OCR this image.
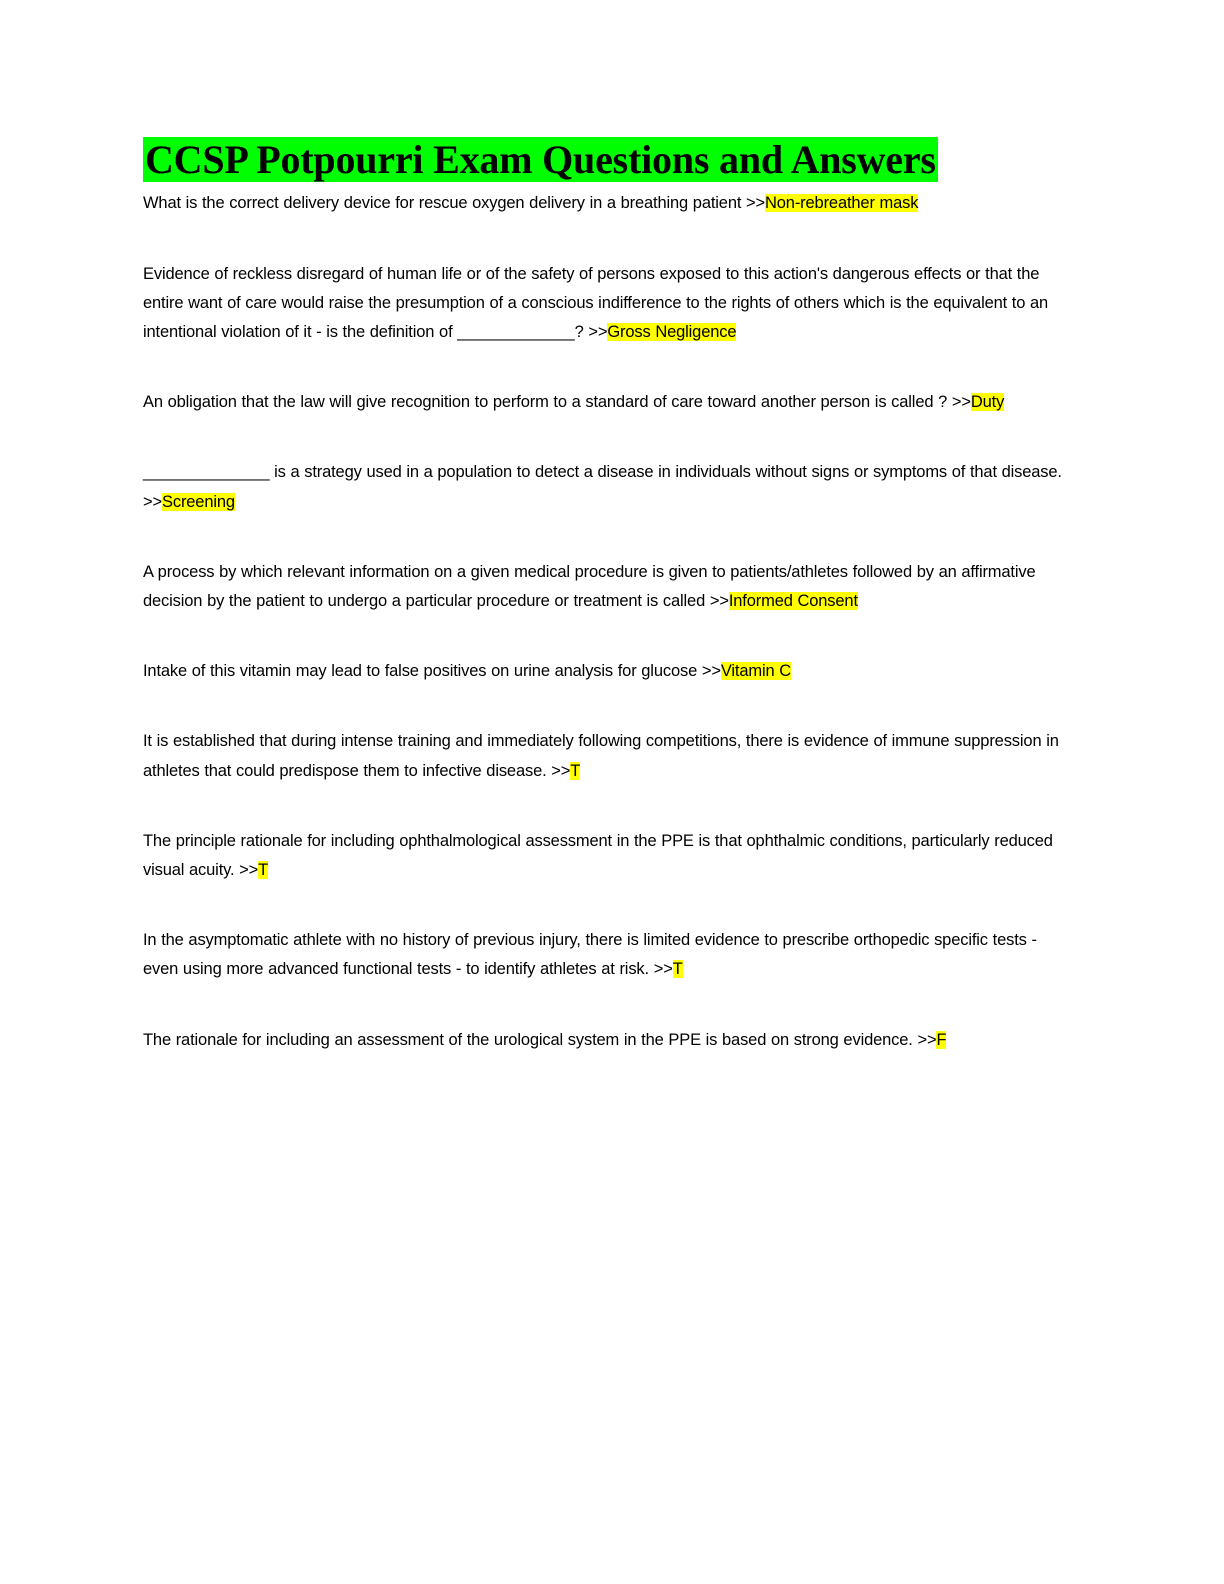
CCSP Potpourri Exam Questions and Answers

What is the correct delivery device for rescue oxygen delivery in a breathing patient >>Non-rebreather mask

Evidence of reckless disregard of human life or of the safety of persons exposed to this action's dangerous effects or that the entire want of care would raise the presumption of a conscious indifference to the rights of others which is the equivalent to an intentional violation of it - is the definition of _____________? >>Gross Negligence

An obligation that the law will give recognition to perform to a standard of care toward another person is called ? >>Duty

______________ is a strategy used in a population to detect a disease in individuals without signs or symptoms of that disease. >>Screening

A process by which relevant information on a given medical procedure is given to patients/athletes followed by an affirmative decision by the patient to undergo a particular procedure or treatment is called >>Informed Consent

Intake of this vitamin may lead to false positives on urine analysis for glucose >>Vitamin C

It is established that during intense training and immediately following competitions, there is evidence of immune suppression in athletes that could predispose them to infective disease. >>T

The principle rationale for including ophthalmological assessment in the PPE is that ophthalmic conditions, particularly reduced visual acuity. >>T

In the asymptomatic athlete with no history of previous injury, there is limited evidence to prescribe orthopedic specific tests - even using more advanced functional tests - to identify athletes at risk. >>T

The rationale for including an assessment of the urological system in the PPE is based on strong evidence. >>F
